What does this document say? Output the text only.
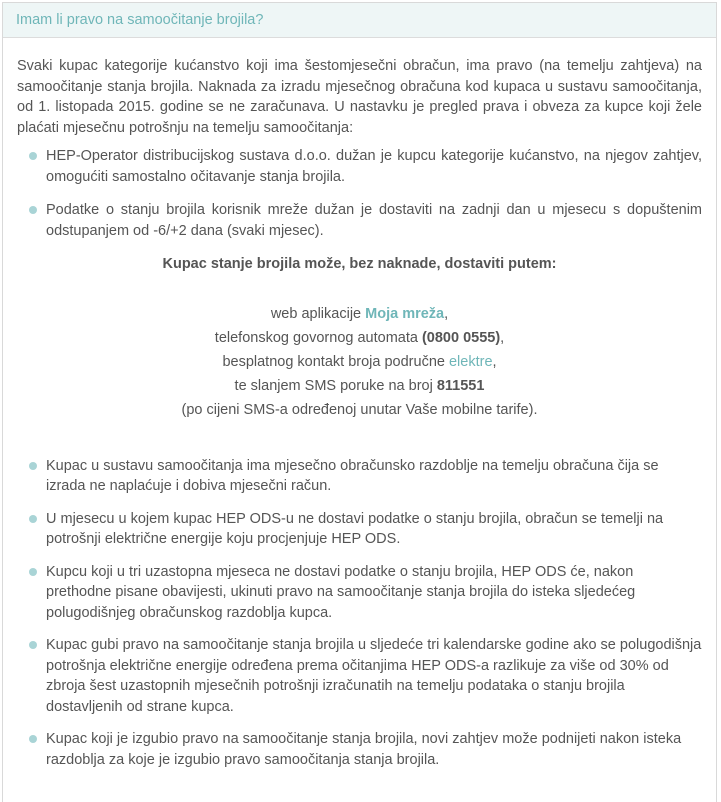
Imam li pravo na samoočitanje brojila?

Svaki kupac kategorije kućanstvo koji ima šestomjesečni obračun, ima pravo (na temelju zahtjeva) na samoočitanje stanja brojila. Naknada za izradu mjesečnog obračuna kod kupaca u sustavu samoočitanja, od 1. listopada 2015. godine se ne zaračunava. U nastavku je pregled prava i obveza za kupce koji žele plaćati mjesečnu potrošnju na temelju samoočitanja:

HEP-Operator distribucijskog sustava d.o.o. dužan je kupcu kategorije kućanstvo, na njegov zahtjev, omogućiti samostalno očitavanje stanja brojila.
Podatke o stanju brojila korisnik mreže dužan je dostaviti na zadnji dan u mjesecu s dopuštenim odstupanjem od -6/+2 dana (svaki mjesec).
Kupac stanje brojila može, bez naknade, dostaviti putem:
web aplikacije Moja mreža,
telefonskog govornog automata (0800 0555),
besplatnog kontakt broja područne elektre,
te slanjem SMS poruke na broj 811551
(po cijeni SMS-a određenoj unutar Vaše mobilne tarife).
Kupac u sustavu samoočitanja ima mjesečno obračunsko razdoblje na temelju obračuna čija se izrada ne naplaćuje i dobiva mjesečni račun.
U mjesecu u kojem kupac HEP ODS-u ne dostavi podatke o stanju brojila, obračun se temelji na potrošnji električne energije koju procjenjuje HEP ODS.
Kupcu koji u tri uzastopna mjeseca ne dostavi podatke o stanju brojila, HEP ODS će, nakon prethodne pisane obavijesti, ukinuti pravo na samoočitanje stanja brojila do isteka sljedećeg polugodišnjeg obračunskog razdoblja kupca.
Kupac gubi pravo na samoočitanje stanja brojila u sljedeće tri kalendarske godine ako se polugodišnja potrošnja električne energije određena prema očitanjima HEP ODS-a razlikuje za više od 30% od zbroja šest uzastopnih mjesečnih potrošnji izračunatih na temelju podataka o stanju brojila dostavljenih od strane kupca.
Kupac koji je izgubio pravo na samoočitanje stanja brojila, novi zahtjev može podnijeti nakon isteka razdoblja za koje je izgubio pravo samoočitanja stanja brojila.
